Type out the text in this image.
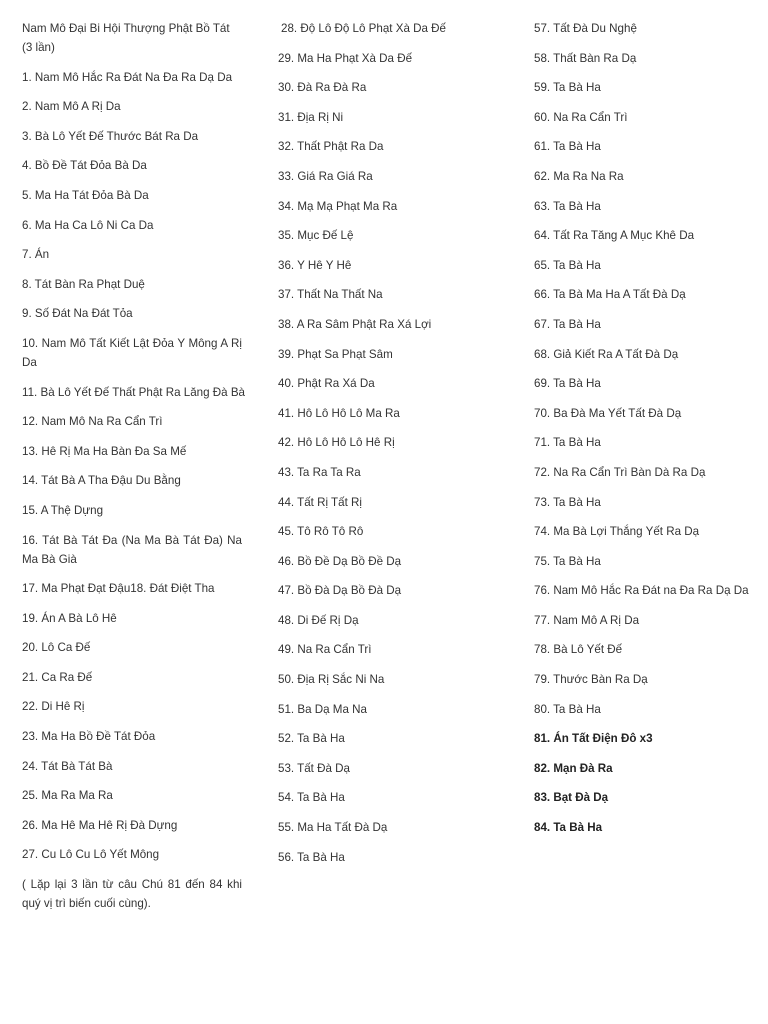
Nam Mô Đại Bi Hội Thượng Phật Bồ Tát (3 lần)
1. Nam Mô Hắc Ra Đát Na Đa Ra Dạ Da
2. Nam Mô A Rị Da
3. Bà Lô Yết Đế Thước Bát Ra Da
4. Bồ Đề Tát Đỏa Bà Da
5. Ma Ha Tát Đỏa Bà Da
6. Ma Ha Ca Lô Ni Ca Da
7. Án
8. Tát Bàn Ra Phạt Duệ
9. Số Đát Na Đát Tỏa
10. Nam Mô Tất Kiết Lật Đỏa Y Mông A Rị Da
11. Bà Lô Yết Đế Thất Phật Ra Lăng Đà Bà
12. Nam Mô Na Ra Cẩn Trì
13. Hê Rị Ma Ha Bàn Đa Sa Mế
14. Tát Bà A Tha Đậu Du Bằng
15. A Thệ Dựng
16. Tát Bà Tát Đa (Na Ma Bà Tát Đa) Na Ma Bà Già
17. Ma Phạt Đạt Đậu18. Đát Điệt Tha
19. Án A Bà Lô Hê
20. Lô Ca Đế
21. Ca Ra Đế
22. Di Hê Rị
23. Ma Ha Bồ Đề Tát Đỏa
24. Tát Bà Tát Bà
25. Ma Ra Ma Ra
26. Ma Hê Ma Hê Rị Đà Dựng
27. Cu Lô Cu Lô Yết Mông
( Lặp lại 3 lần từ câu Chú 81 đến 84 khi quý vị trì biến cuối cùng).
28. Độ Lô Độ Lô Phạt Xà Da Đế
29. Ma Ha Phạt Xà Da Đế
30. Đà Ra Đà Ra
31. Địa Rị Ni
32. Thất Phật Ra Da
33. Giá Ra Giá Ra
34. Mạ Mạ Phạt Ma Ra
35. Mục Đế Lệ
36. Y Hê Y Hê
37. Thất Na Thất Na
38. A Ra Sâm Phật Ra Xá Lợi
39. Phạt Sa Phạt Sâm
40. Phật Ra Xá Da
41. Hô Lô Hô Lô Ma Ra
42. Hô Lô Hô Lô Hê Rị
43. Ta Ra Ta Ra
44. Tất Rị Tất Rị
45. Tô Rô Tô Rô
46. Bồ Đề Dạ Bồ Đề Dạ
47. Bồ Đà Dạ Bồ Đà Dạ
48. Di Đế Rị Dạ
49. Na Ra Cẩn Trì
50. Địa Rị Sắc Ni Na
51. Ba Dạ Ma Na
52. Ta Bà Ha
53. Tất Đà Dạ
54. Ta Bà Ha
55. Ma Ha Tất Đà Dạ
56. Ta Bà Ha
57. Tất Đà Du Nghệ
58. Thất Bàn Ra Dạ
59. Ta Bà Ha
60. Na Ra Cẩn Trì
61. Ta Bà Ha
62. Ma Ra Na Ra
63. Ta Bà Ha
64. Tất Ra Tăng A Mục Khê Da
65. Ta Bà Ha
66. Ta Bà Ma Ha A Tất Đà Dạ
67. Ta Bà Ha
68. Giả Kiết Ra A Tất Đà Dạ
69. Ta Bà Ha
70. Ba Đà Ma Yết Tất Đà Dạ
71. Ta Bà Ha
72. Na Ra Cẩn Trì Bàn Dà Ra Dạ
73. Ta Bà Ha
74. Ma Bà Lợi Thắng Yết Ra Dạ
75. Ta Bà Ha
76. Nam Mô Hắc Ra Đát na Đa Ra Dạ Da
77. Nam Mô A Rị Da
78. Bà Lô Yết Đế
79. Thước Bàn Ra Dạ
80. Ta Bà Ha
81. Án Tất Điện Đô x3
82. Mạn Đà Ra
83. Bạt Đà Dạ
84. Ta Bà Ha
